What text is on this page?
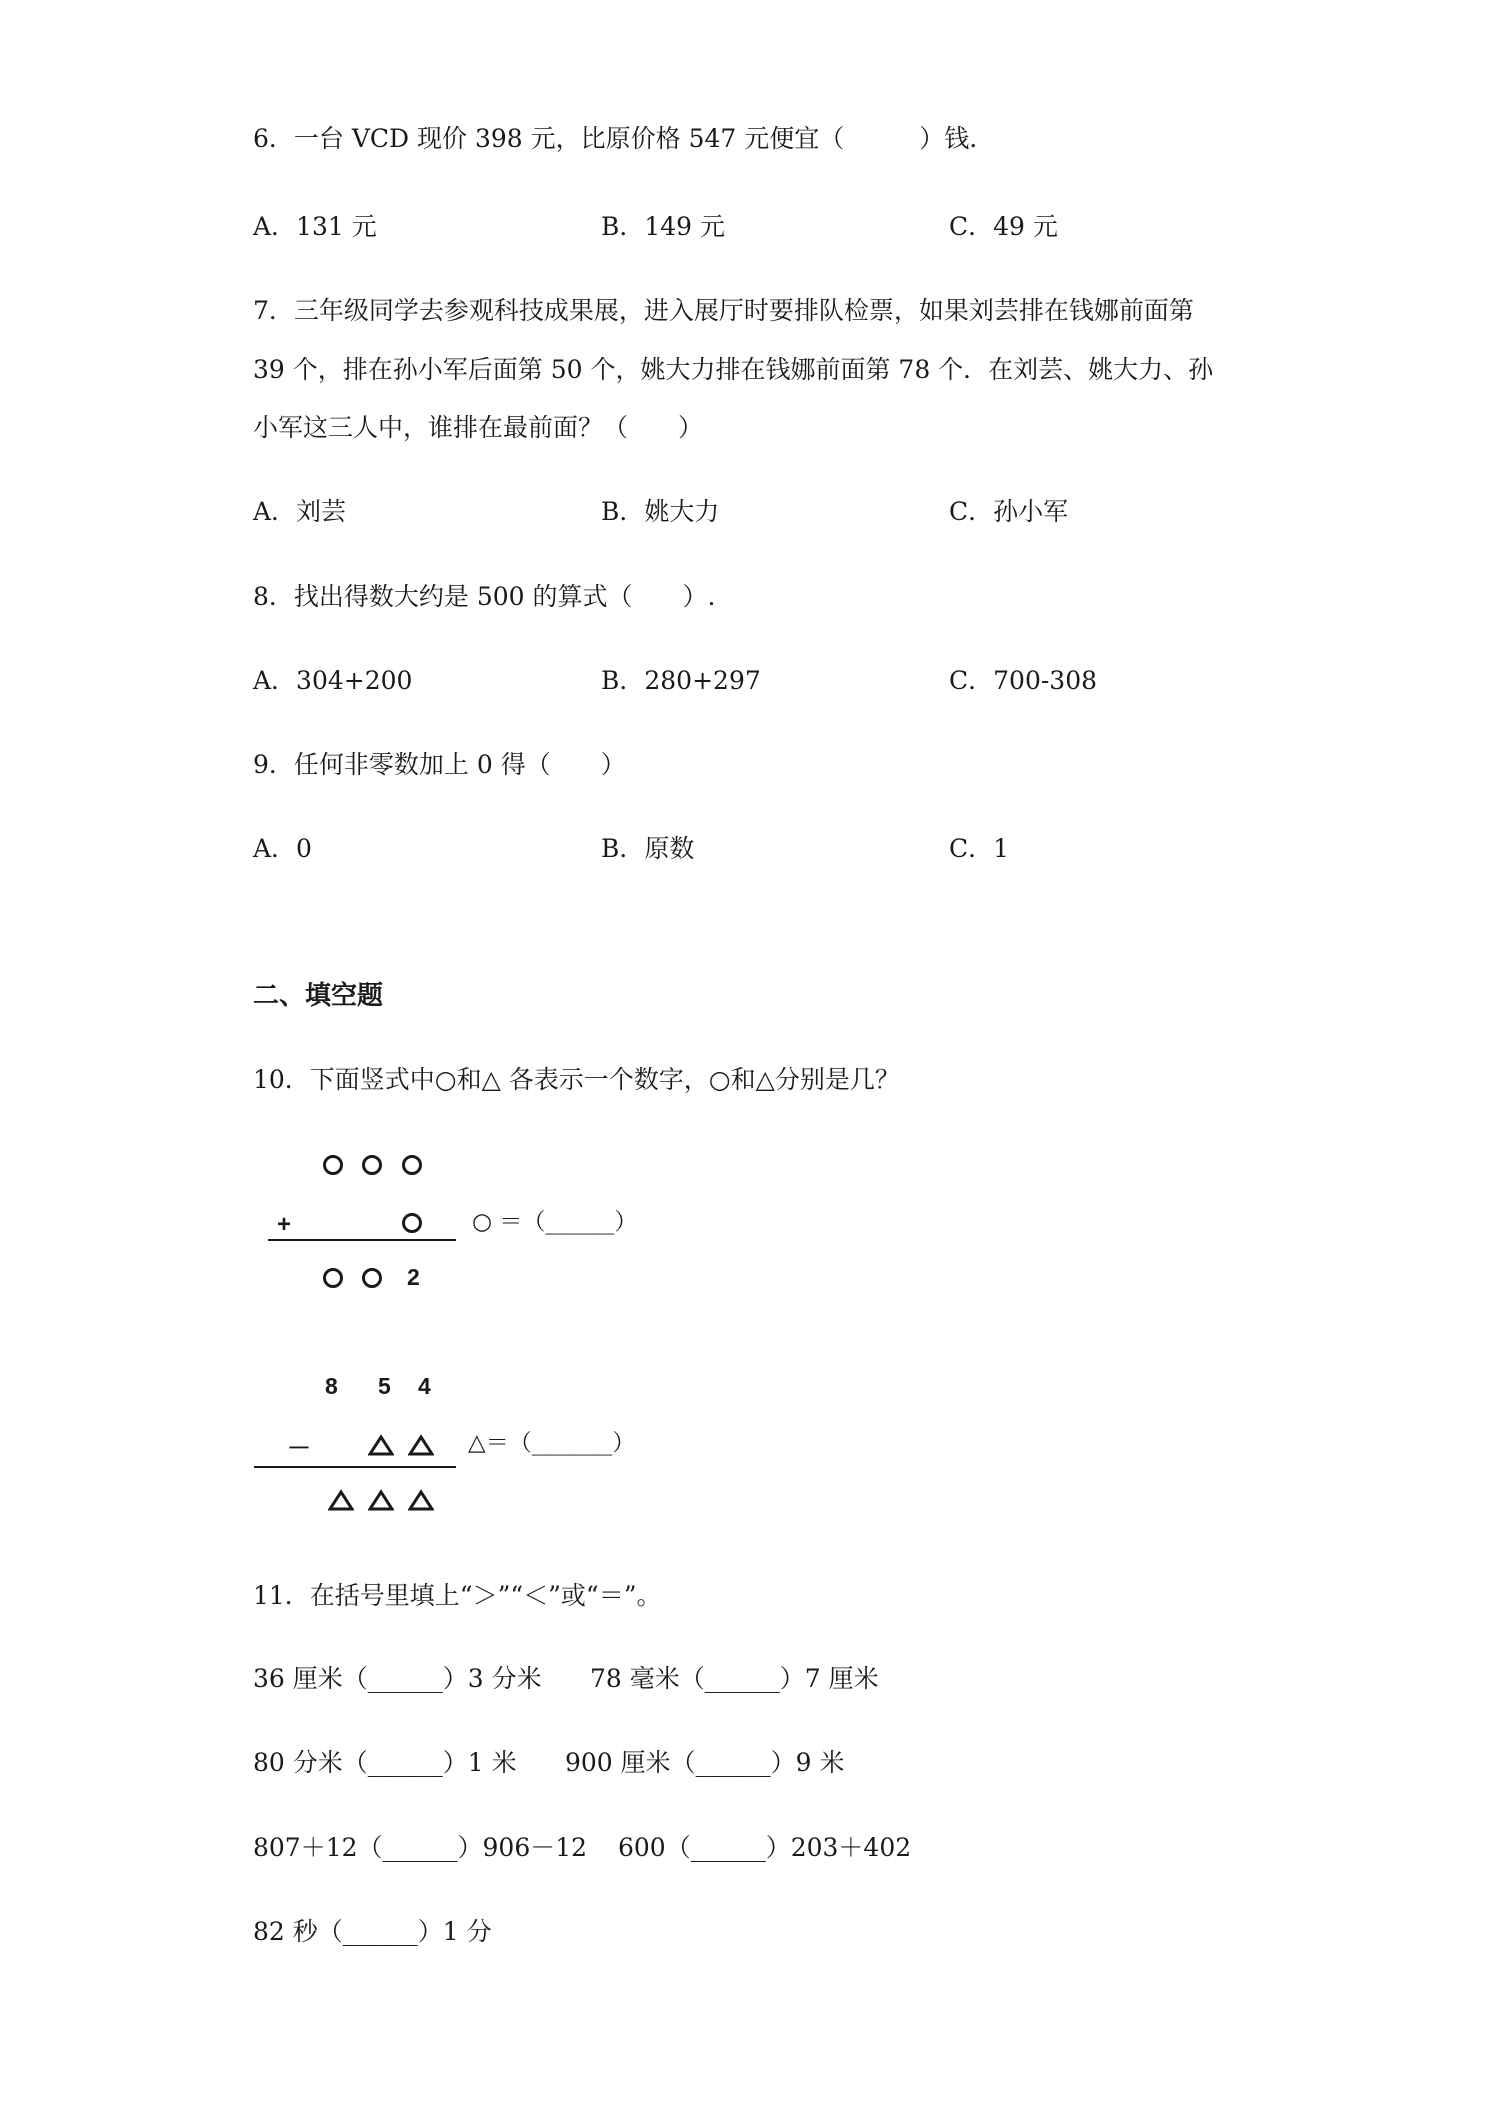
6．一台 VCD 现价 398 元，比原价格 547 元便宜（　　　）钱.
A．131 元	B．149 元	C．49 元
7．三年级同学去参观科技成果展，进入展厅时要排队检票，如果刘芸排在钱娜前面第
39 个，排在孙小军后面第 50 个，姚大力排在钱娜前面第 78 个．在刘芸、姚大力、孙
小军这三人中，谁排在最前面？（　　）
A．刘芸	B．姚大力	C．孙小军
8．找出得数大约是 500 的算式（　　）.
A．304+200	B．280+297	C．700-308
9．任何非零数加上 0 得（　　）
A．0	B．原数	C．1
二、填空题
10．下面竖式中○和△ 各表示一个数字，○和△分别是几？
+	○ ＝（______）
2
8 5 4
－	△＝（_______）
11．在括号里填上“＞”“＜”或“＝”。
36 厘米（______）3 分米 78 毫米（______）7 厘米
80 分米（______）1 米 900 厘米（______）9 米
807＋12（______）906－12 600（______）203＋402
82 秒（______）1 分
